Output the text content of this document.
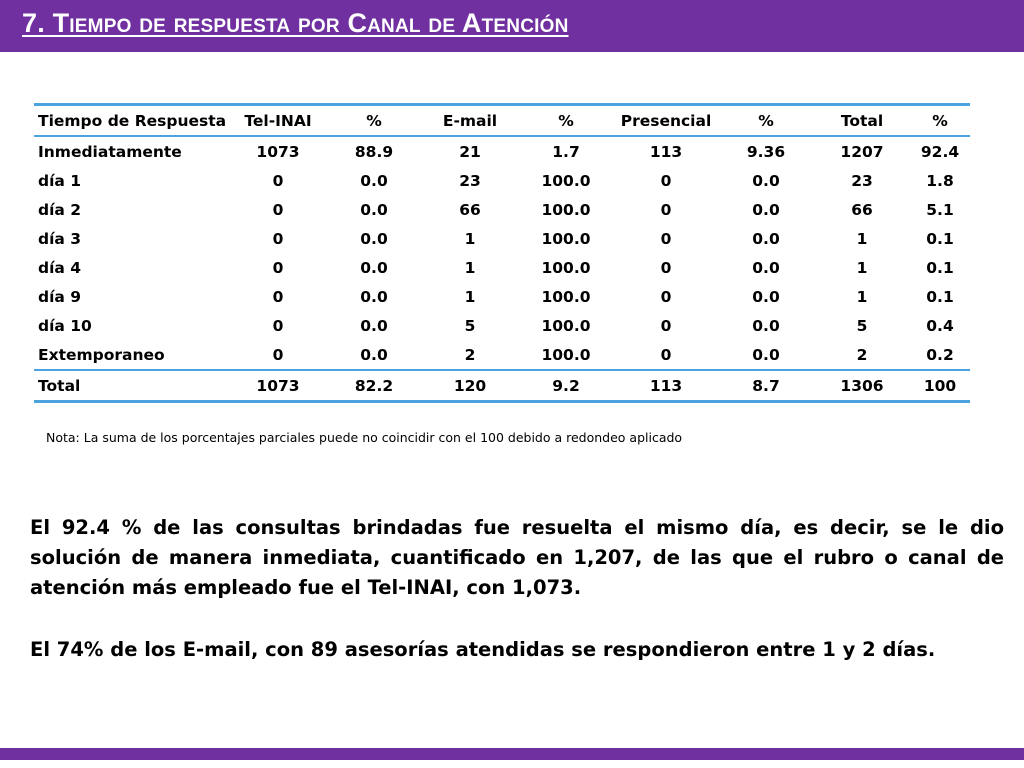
7. Tiempo de respuesta por Canal de Atención
Tiempo de Respuesta	Tel-INAI	%	E-mail	%	Presencial	%	Total	%
Inmediatamente	1073	88.9	21	1.7	113	9.36	1207	92.4
día 1	0	0.0	23	100.0	0	0.0	23	1.8
día 2	0	0.0	66	100.0	0	0.0	66	5.1
día 3	0	0.0	1	100.0	0	0.0	1	0.1
día 4	0	0.0	1	100.0	0	0.0	1	0.1
día 9	0	0.0	1	100.0	0	0.0	1	0.1
día 10	0	0.0	5	100.0	0	0.0	5	0.4
Extemporaneo	0	0.0	2	100.0	0	0.0	2	0.2
Total	1073	82.2	120	9.2	113	8.7	1306	100
Nota: La suma de los porcentajes parciales puede no coincidir con el 100 debido a redondeo aplicado

El 92.4 % de las consultas brindadas fue resuelta el mismo día, es decir, se le dio solución de manera inmediata, cuantificado en 1,207, de las que el rubro o canal de atención más empleado fue el Tel-INAI, con 1,073.

El 74% de los E-mail, con 89 asesorías atendidas se respondieron entre 1 y 2 días.
